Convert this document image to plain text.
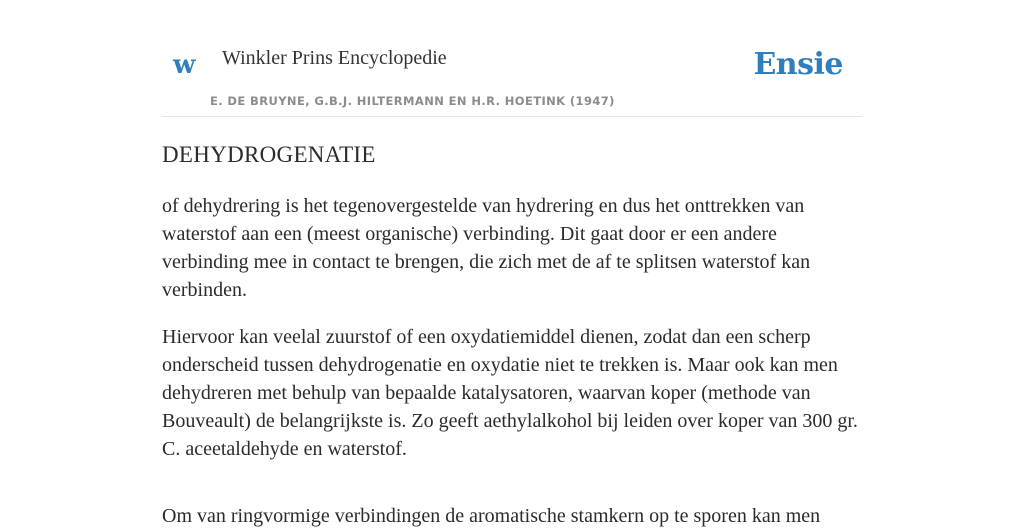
w Winkler Prins Encyclopedie
E. DE BRUYNE, G.B.J. HILTERMANN EN H.R. HOETINK (1947)
Ensie
DEHYDROGENATIE

of dehydrering is het tegenovergestelde van hydrering en dus het onttrekken van waterstof aan een (meest organische) verbinding. Dit gaat door er een andere verbinding mee in contact te brengen, die zich met de af te splitsen waterstof kan verbinden.

Hiervoor kan veelal zuurstof of een oxydatiemiddel dienen, zodat dan een scherp onderscheid tussen dehydrogenatie en oxydatie niet te trekken is. Maar ook kan men dehydreren met behulp van bepaalde katalysatoren, waarvan koper (methode van Bouveault) de belangrijkste is. Zo geeft aethylalkohol bij leiden over koper van 300 gr. C. aceetaldehyde en waterstof.

Om van ringvormige verbindingen de aromatische stamkern op te sporen kan men
